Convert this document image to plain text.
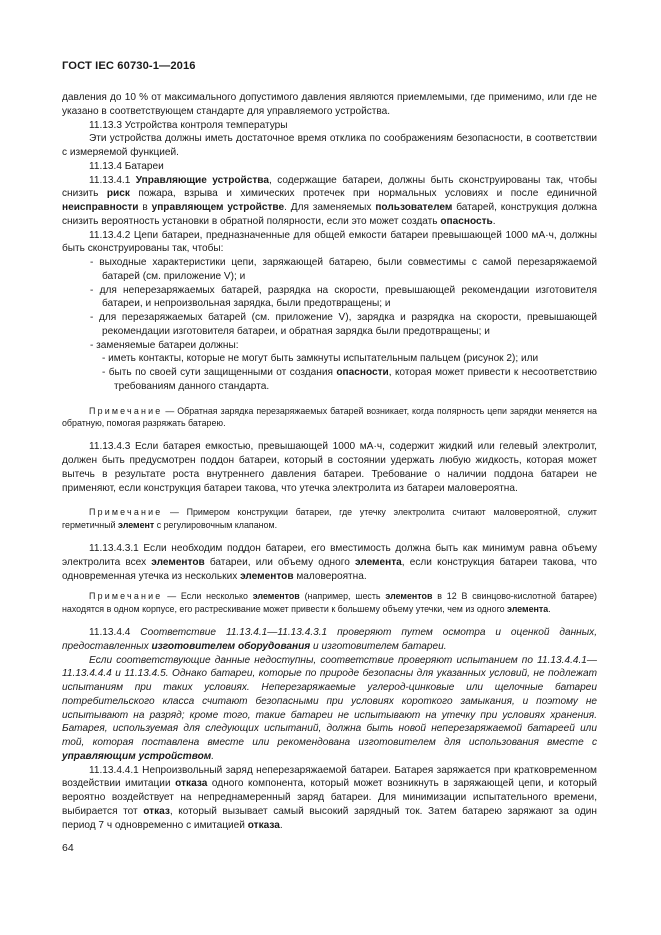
ГОСТ IEC 60730-1—2016

давления до 10 % от максимального допустимого давления являются приемлемыми, где применимо, или где не указано в соответствующем стандарте для управляемого устройства.

11.13.3 Устройства контроля температуры

Эти устройства должны иметь достаточное время отклика по соображениям безопасности, в соответствии с измеряемой функцией.

11.13.4 Батареи

11.13.4.1 Управляющие устройства, содержащие батареи, должны быть сконструированы так, чтобы снизить риск пожара, взрыва и химических протечек при нормальных условиях и после единичной неисправности в управляющем устройстве. Для заменяемых пользователем батарей, конструкция должна снизить вероятность установки в обратной полярности, если это может создать опасность.

11.13.4.2 Цепи батареи, предназначенные для общей емкости батареи превышающей 1000 мА·ч, должны быть сконструированы так, чтобы:

- выходные характеристики цепи, заряжающей батарею, были совместимы с самой перезаряжаемой батарей (см. приложение V); и

- для неперезаряжаемых батарей, разрядка на скорости, превышающей рекомендации изготовителя батареи, и непроизвольная зарядка, были предотвращены; и

- для перезаряжаемых батарей (см. приложение V), зарядка и разрядка на скорости, превышающей рекомендации изготовителя батареи, и обратная зарядка были предотвращены; и

- заменяемые батареи должны:

- иметь контакты, которые не могут быть замкнуты испытательным пальцем (рисунок 2); или

- быть по своей сути защищенными от создания опасности, которая может привести к несоответствию требованиям данного стандарта.

Примечание — Обратная зарядка перезаряжаемых батарей возникает, когда полярность цепи зарядки меняется на обратную, помогая разряжать батарею.

11.13.4.3 Если батарея емкостью, превышающей 1000 мА·ч, содержит жидкий или гелевый электролит, должен быть предусмотрен поддон батареи, который в состоянии удержать любую жидкость, которая может вытечь в результате роста внутреннего давления батареи. Требование о наличии поддона батареи не применяют, если конструкция батареи такова, что утечка электролита из батареи маловероятна.

Примечание — Примером конструкции батареи, где утечку электролита считают маловероятной, служит герметичный элемент с регулировочным клапаном.

11.13.4.3.1 Если необходим поддон батареи, его вместимость должна быть как минимум равна объему электролита всех элементов батареи, или объему одного элемента, если конструкция батареи такова, что одновременная утечка из нескольких элементов маловероятна.

Примечание — Если несколько элементов (например, шесть элементов в 12 В свинцово-кислотной батарее) находятся в одном корпусе, его растрескивание может привести к большему объему утечки, чем из одного элемента.

11.13.4.4 Соответствие 11.13.4.1—11.13.4.3.1 проверяют путем осмотра и оценкой данных, предоставленных изготовителем оборудования и изготовителем батареи.

Если соответствующие данные недоступны, соответствие проверяют испытанием по 11.13.4.4.1—11.13.4.4.4 и 11.13.4.5. Однако батареи, которые по природе безопасны для указанных условий, не подлежат испытаниям при таких условиях. Неперезаряжаемые углерод-цинковые или щелочные батареи потребительского класса считают безопасными при условиях короткого замыкания, и поэтому не испытывают на разряд; кроме того, такие батареи не испытывают на утечку при условиях хранения. Батарея, используемая для следующих испытаний, должна быть новой неперезаряжаемой батареей или той, которая поставлена вместе или рекомендована изготовителем для использования вместе с управляющим устройством.

11.13.4.4.1 Непроизвольный заряд неперезаряжаемой батареи. Батарея заряжается при кратковременном воздействии имитации отказа одного компонента, который может возникнуть в заряжающей цепи, и который вероятно воздействует на непреднамеренный заряд батареи. Для минимизации испытательного времени, выбирается тот отказ, который вызывает самый высокий зарядный ток. Затем батарею заряжают за один период 7 ч одновременно с имитацией отказа.

64
